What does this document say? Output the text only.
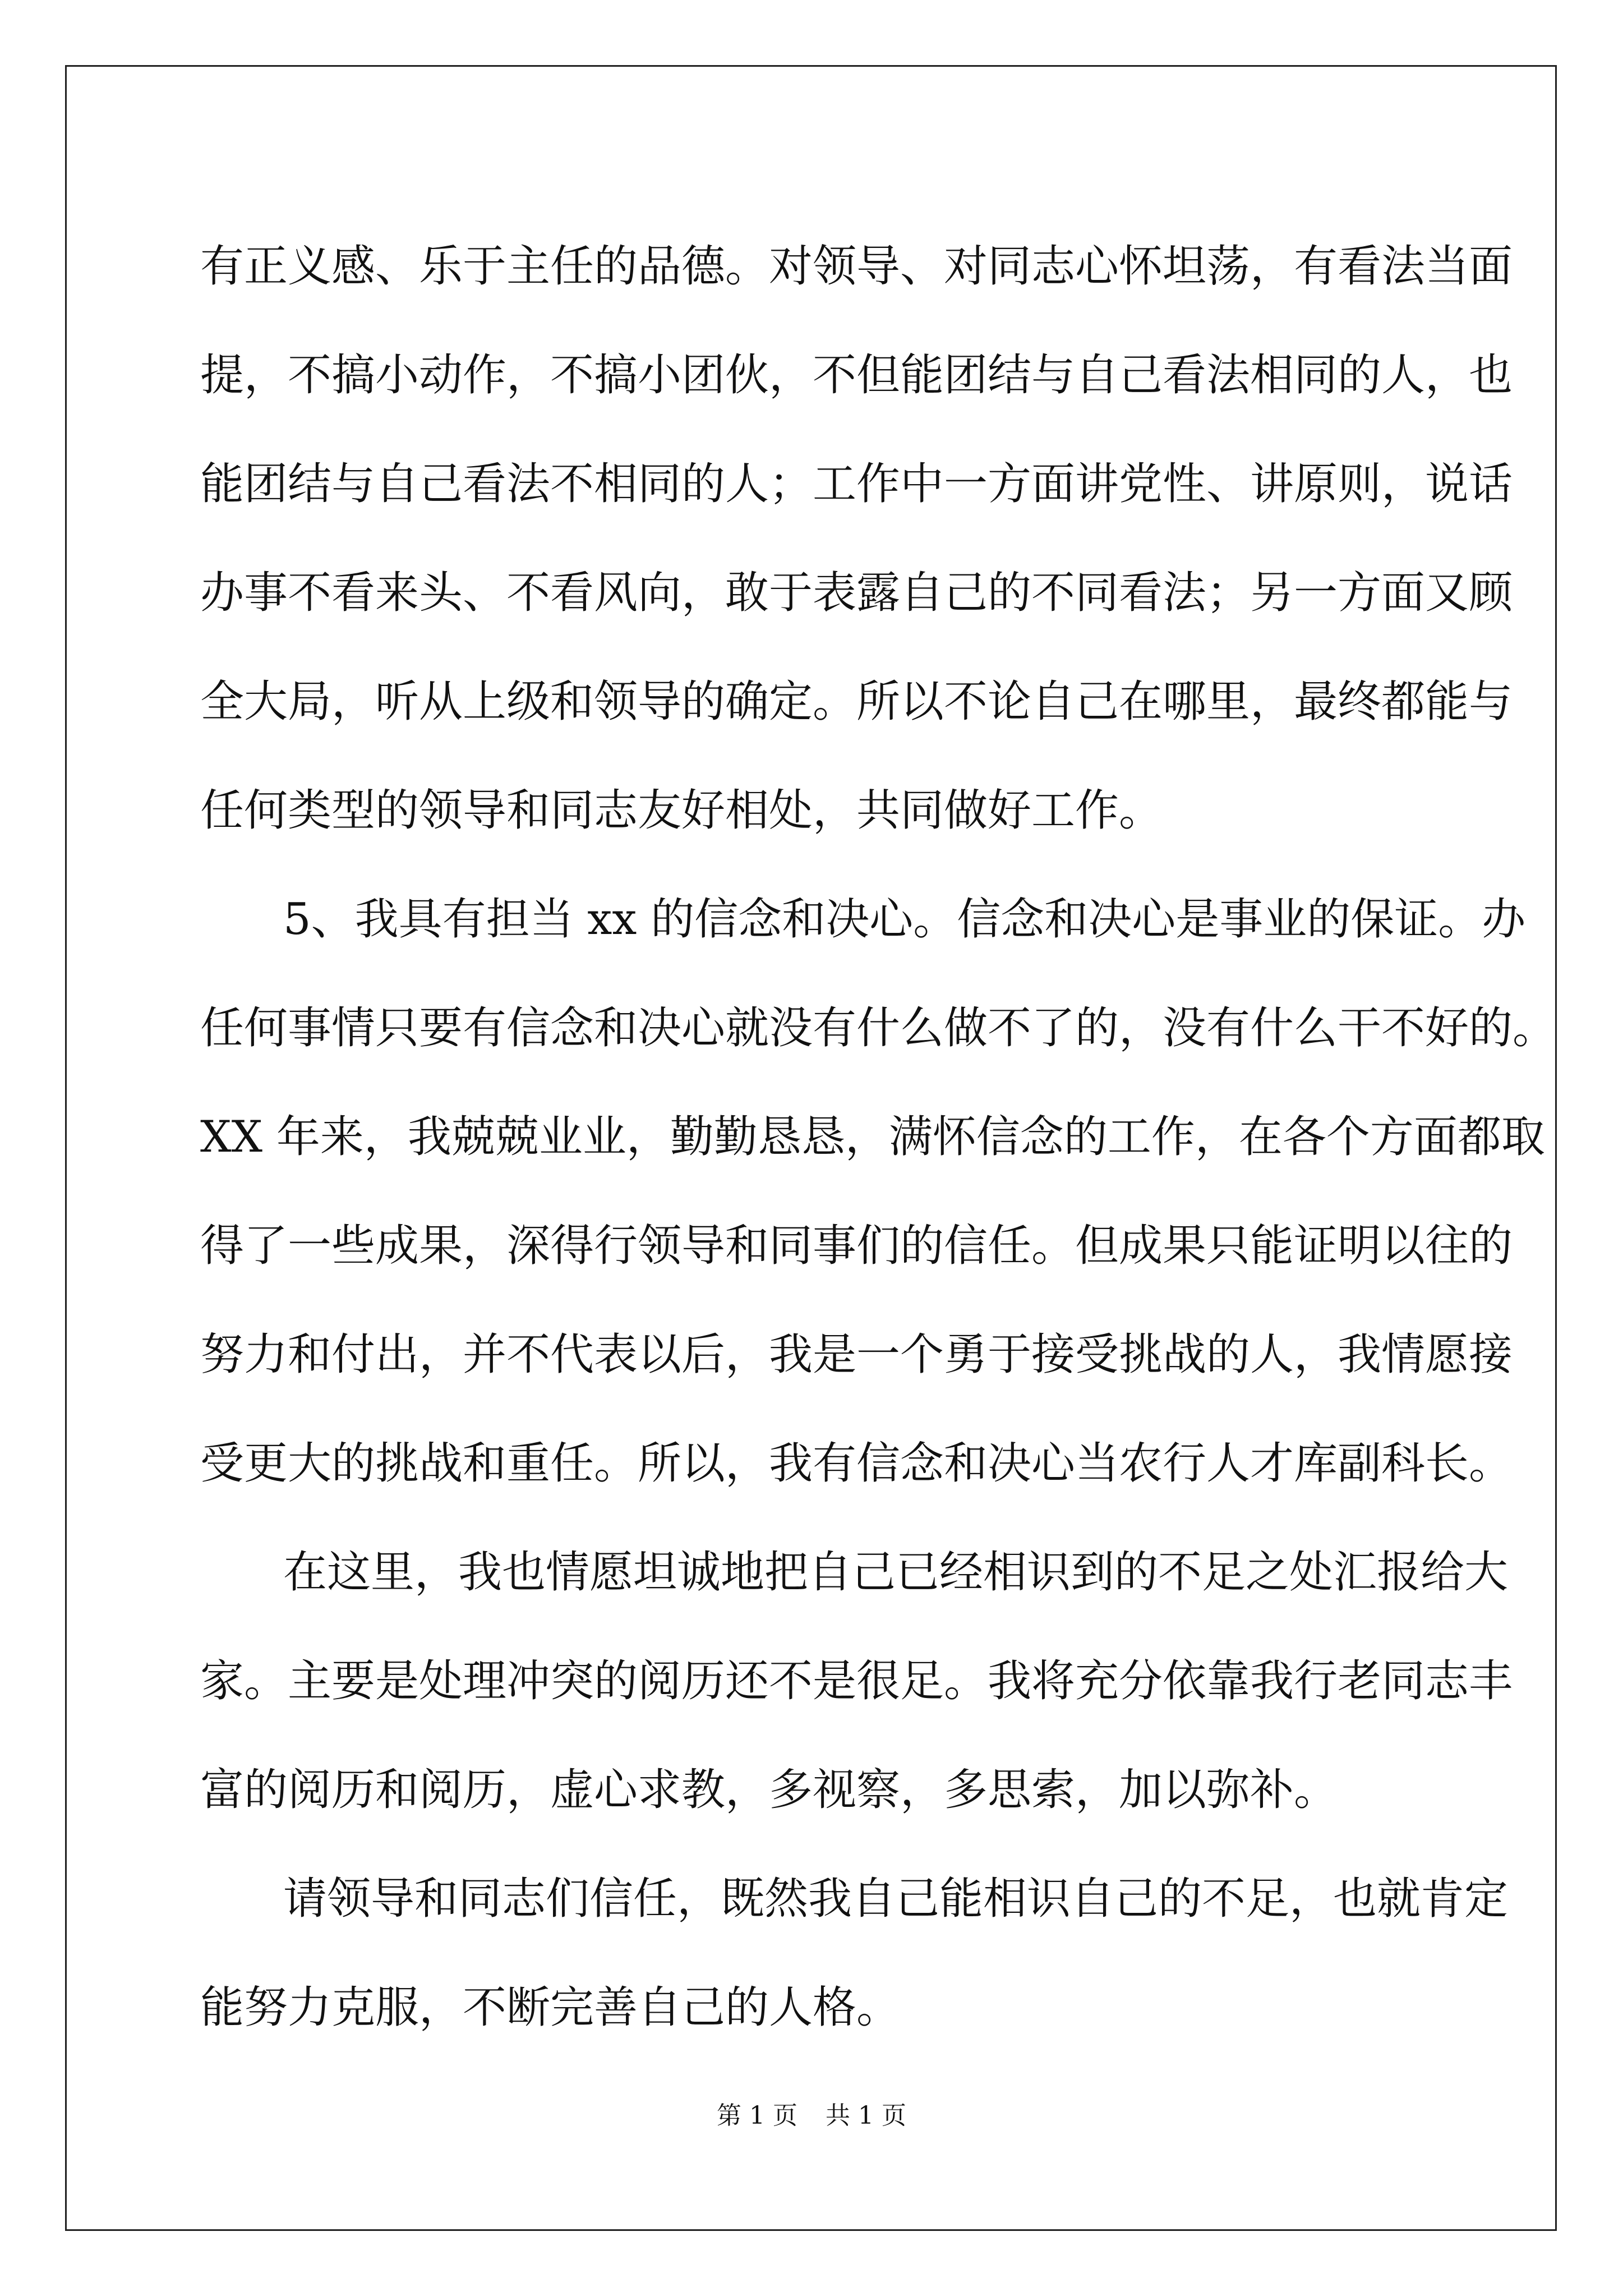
有正义感、乐于主任的品德。对领导、对同志心怀坦荡，有看法当面
提，不搞小动作，不搞小团伙，不但能团结与自己看法相同的人，也
能团结与自己看法不相同的人；工作中一方面讲党性、讲原则，说话
办事不看来头、不看风向，敢于表露自己的不同看法；另一方面又顾
全大局，听从上级和领导的确定。所以不论自己在哪里，最终都能与
任何类型的领导和同志友好相处，共同做好工作。
5、我具有担当 xx 的信念和决心。信念和决心是事业的保证。办
任何事情只要有信念和决心就没有什么做不了的，没有什么干不好的。
XX 年来，我兢兢业业，勤勤恳恳，满怀信念的工作，在各个方面都取
得了一些成果，深得行领导和同事们的信任。但成果只能证明以往的
努力和付出，并不代表以后，我是一个勇于接受挑战的人，我情愿接
受更大的挑战和重任。所以，我有信念和决心当农行人才库副科长。
在这里，我也情愿坦诚地把自己已经相识到的不足之处汇报给大
家。主要是处理冲突的阅历还不是很足。我将充分依靠我行老同志丰
富的阅历和阅历，虚心求教，多视察，多思索，加以弥补。
请领导和同志们信任，既然我自己能相识自己的不足，也就肯定
能努力克服，不断完善自己的人格。
第 1 页 共 1 页
